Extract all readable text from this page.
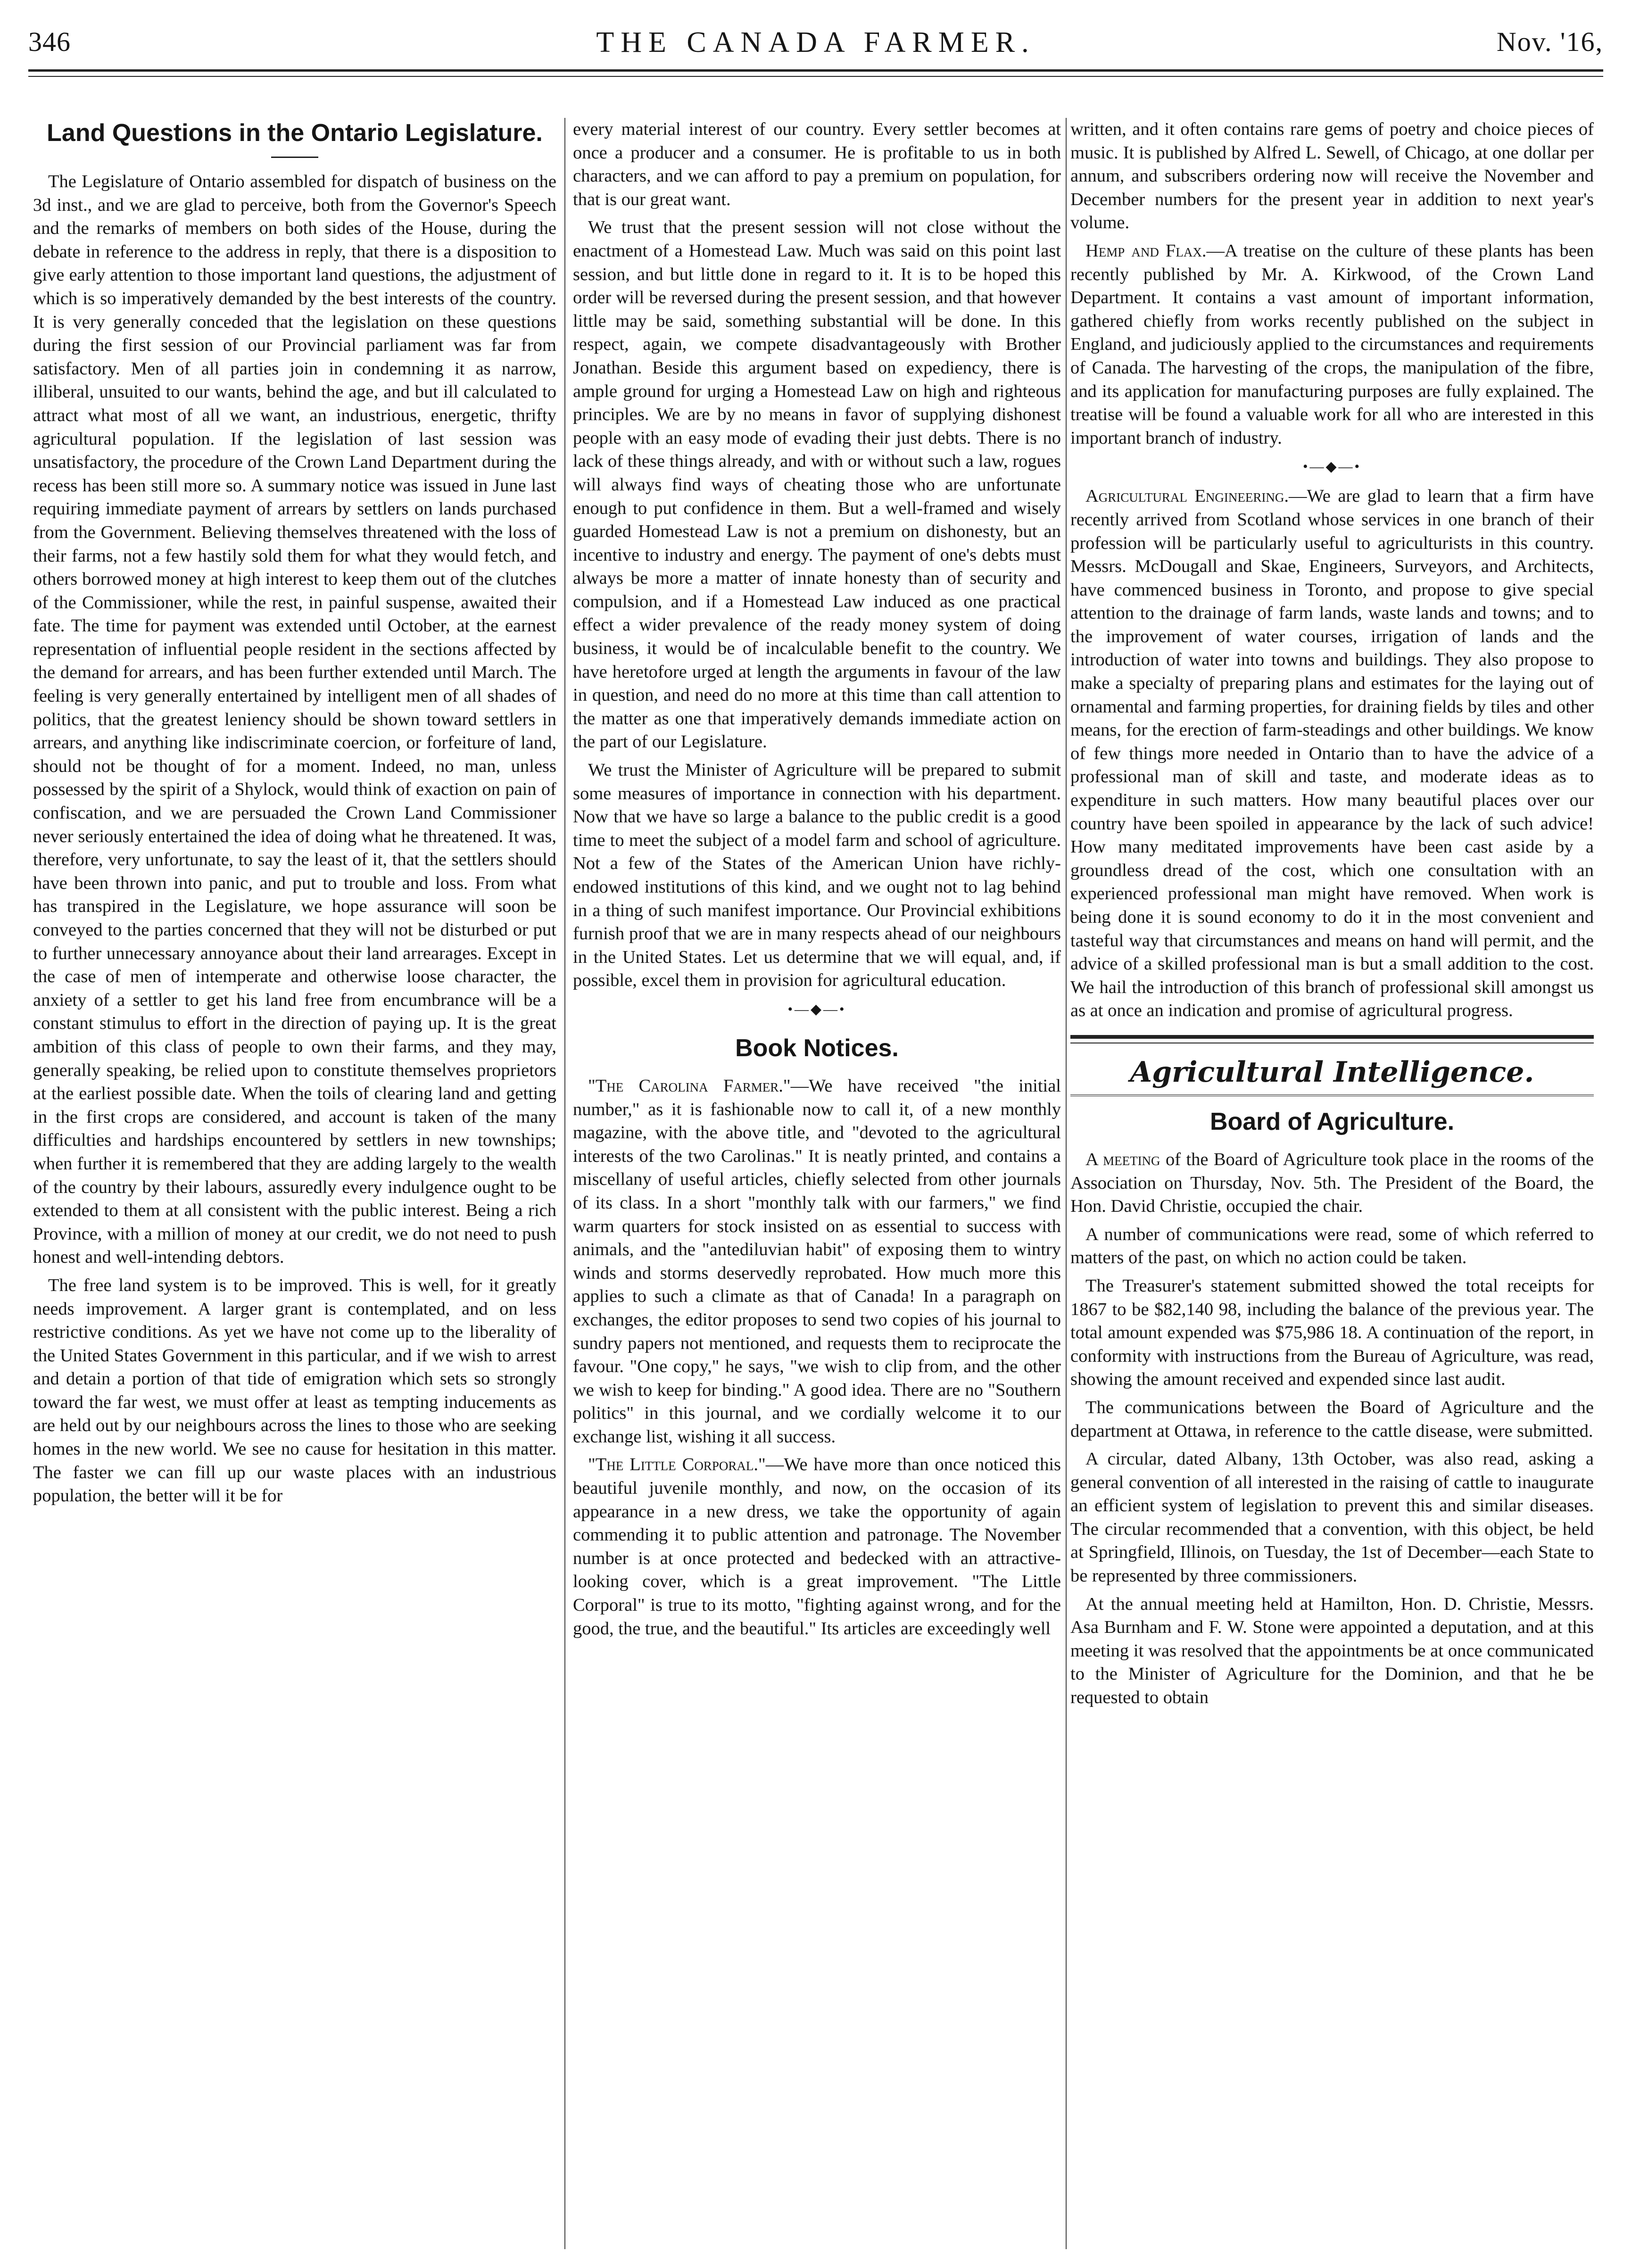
346	THE CANADA FARMER.	Nov. '16,
Land Questions in the Ontario Legislature.

The Legislature of Ontario assembled for dispatch of business on the 3d inst., and we are glad to perceive, both from the Governor's Speech and the remarks of members on both sides of the House, during the debate in reference to the address in reply, that there is a disposition to give early attention to those important land questions, the adjustment of which is so imperatively demanded by the best interests of the country. It is very generally conceded that the legislation on these questions during the first session of our Provincial parliament was far from satisfactory. Men of all parties join in condemning it as narrow, illiberal, unsuited to our wants, behind the age, and but ill calculated to attract what most of all we want, an industrious, energetic, thrifty agricultural population. If the legislation of last session was unsatisfactory, the procedure of the Crown Land Department during the recess has been still more so. A summary notice was issued in June last requiring immediate payment of arrears by settlers on lands purchased from the Government. Believing themselves threatened with the loss of their farms, not a few hastily sold them for what they would fetch, and others borrowed money at high interest to keep them out of the clutches of the Commissioner, while the rest, in painful suspense, awaited their fate. The time for payment was extended until October, at the earnest representation of influential people resident in the sections affected by the demand for arrears, and has been further extended until March. The feeling is very generally entertained by intelligent men of all shades of politics, that the greatest leniency should be shown toward settlers in arrears, and anything like indiscriminate coercion, or forfeiture of land, should not be thought of for a moment. Indeed, no man, unless possessed by the spirit of a Shylock, would think of exaction on pain of confiscation, and we are persuaded the Crown Land Commissioner never seriously entertained the idea of doing what he threatened. It was, therefore, very unfortunate, to say the least of it, that the settlers should have been thrown into panic, and put to trouble and loss. From what has transpired in the Legislature, we hope assurance will soon be conveyed to the parties concerned that they will not be disturbed or put to further unnecessary annoyance about their land arrearages. Except in the case of men of intemperate and otherwise loose character, the anxiety of a settler to get his land free from encumbrance will be a constant stimulus to effort in the direction of paying up. It is the great ambition of this class of people to own their farms, and they may, generally speaking, be relied upon to constitute themselves proprietors at the earliest possible date. When the toils of clearing land and getting in the first crops are considered, and account is taken of the many difficulties and hardships encountered by settlers in new townships; when further it is remembered that they are adding largely to the wealth of the country by their labours, assuredly every indulgence ought to be extended to them at all consistent with the public interest. Being a rich Province, with a million of money at our credit, we do not need to push honest and well-intending debtors.

The free land system is to be improved. This is well, for it greatly needs improvement. A larger grant is contemplated, and on less restrictive conditions. As yet we have not come up to the liberality of the United States Government in this particular, and if we wish to arrest and detain a portion of that tide of emigration which sets so strongly toward the far west, we must offer at least as tempting inducements as are held out by our neighbours across the lines to those who are seeking homes in the new world. We see no cause for hesitation in this matter. The faster we can fill up our waste places with an industrious population, the better will it be for

every material interest of our country. Every settler becomes at once a producer and a consumer. He is profitable to us in both characters, and we can afford to pay a premium on population, for that is our great want.

We trust that the present session will not close without the enactment of a Homestead Law. Much was said on this point last session, and but little done in regard to it. It is to be hoped this order will be reversed during the present session, and that however little may be said, something substantial will be done. In this respect, again, we compete disadvantageously with Brother Jonathan. Beside this argument based on expediency, there is ample ground for urging a Homestead Law on high and righteous principles. We are by no means in favor of supplying dishonest people with an easy mode of evading their just debts. There is no lack of these things already, and with or without such a law, rogues will always find ways of cheating those who are unfortunate enough to put confidence in them. But a well-framed and wisely guarded Homestead Law is not a premium on dishonesty, but an incentive to industry and energy. The payment of one's debts must always be more a matter of innate honesty than of security and compulsion, and if a Homestead Law induced as one practical effect a wider prevalence of the ready money system of doing business, it would be of incalculable benefit to the country. We have heretofore urged at length the arguments in favour of the law in question, and need do no more at this time than call attention to the matter as one that imperatively demands immediate action on the part of our Legislature.

We trust the Minister of Agriculture will be prepared to submit some measures of importance in connection with his department. Now that we have so large a balance to the public credit is a good time to meet the subject of a model farm and school of agriculture. Not a few of the States of the American Union have richly-endowed institutions of this kind, and we ought not to lag behind in a thing of such manifest importance. Our Provincial exhibitions furnish proof that we are in many respects ahead of our neighbours in the United States. Let us determine that we will equal, and, if possible, excel them in provision for agricultural education.

•—◆—•
Book Notices.

"The Carolina Farmer."—We have received "the initial number," as it is fashionable now to call it, of a new monthly magazine, with the above title, and "devoted to the agricultural interests of the two Carolinas." It is neatly printed, and contains a miscellany of useful articles, chiefly selected from other journals of its class. In a short "monthly talk with our farmers," we find warm quarters for stock insisted on as essential to success with animals, and the "antediluvian habit" of exposing them to wintry winds and storms deservedly reprobated. How much more this applies to such a climate as that of Canada! In a paragraph on exchanges, the editor proposes to send two copies of his journal to sundry papers not mentioned, and requests them to reciprocate the favour. "One copy," he says, "we wish to clip from, and the other we wish to keep for binding." A good idea. There are no "Southern politics" in this journal, and we cordially welcome it to our exchange list, wishing it all success.

"The Little Corporal."—We have more than once noticed this beautiful juvenile monthly, and now, on the occasion of its appearance in a new dress, we take the opportunity of again commending it to public attention and patronage. The November number is at once protected and bedecked with an attractive-looking cover, which is a great improvement. "The Little Corporal" is true to its motto, "fighting against wrong, and for the good, the true, and the beautiful." Its articles are exceedingly well

written, and it often contains rare gems of poetry and choice pieces of music. It is published by Alfred L. Sewell, of Chicago, at one dollar per annum, and subscribers ordering now will receive the November and December numbers for the present year in addition to next year's volume.

Hemp and Flax.—A treatise on the culture of these plants has been recently published by Mr. A. Kirkwood, of the Crown Land Department. It contains a vast amount of important information, gathered chiefly from works recently published on the subject in England, and judiciously applied to the circumstances and requirements of Canada. The harvesting of the crops, the manipulation of the fibre, and its application for manufacturing purposes are fully explained. The treatise will be found a valuable work for all who are interested in this important branch of industry.

•—◆—•

Agricultural Engineering.—We are glad to learn that a firm have recently arrived from Scotland whose services in one branch of their profession will be particularly useful to agriculturists in this country. Messrs. McDougall and Skae, Engineers, Surveyors, and Architects, have commenced business in Toronto, and propose to give special attention to the drainage of farm lands, waste lands and towns; and to the improvement of water courses, irrigation of lands and the introduction of water into towns and buildings. They also propose to make a specialty of preparing plans and estimates for the laying out of ornamental and farming properties, for draining fields by tiles and other means, for the erection of farm-steadings and other buildings. We know of few things more needed in Ontario than to have the advice of a professional man of skill and taste, and moderate ideas as to expenditure in such matters. How many beautiful places over our country have been spoiled in appearance by the lack of such advice! How many meditated improvements have been cast aside by a groundless dread of the cost, which one consultation with an experienced professional man might have removed. When work is being done it is sound economy to do it in the most convenient and tasteful way that circumstances and means on hand will permit, and the advice of a skilled professional man is but a small addition to the cost. We hail the introduction of this branch of professional skill amongst us as at once an indication and promise of agricultural progress.

Agricultural Intelligence.
Board of Agriculture.

A meeting of the Board of Agriculture took place in the rooms of the Association on Thursday, Nov. 5th. The President of the Board, the Hon. David Christie, occupied the chair.

A number of communications were read, some of which referred to matters of the past, on which no action could be taken.

The Treasurer's statement submitted showed the total receipts for 1867 to be $82,140 98, including the balance of the previous year. The total amount expended was $75,986 18. A continuation of the report, in conformity with instructions from the Bureau of Agriculture, was read, showing the amount received and expended since last audit.

The communications between the Board of Agriculture and the department at Ottawa, in reference to the cattle disease, were submitted.

A circular, dated Albany, 13th October, was also read, asking a general convention of all interested in the raising of cattle to inaugurate an efficient system of legislation to prevent this and similar diseases. The circular recommended that a convention, with this object, be held at Springfield, Illinois, on Tuesday, the 1st of December—each State to be represented by three commissioners.

At the annual meeting held at Hamilton, Hon. D. Christie, Messrs. Asa Burnham and F. W. Stone were appointed a deputation, and at this meeting it was resolved that the appointments be at once communicated to the Minister of Agriculture for the Dominion, and that he be requested to obtain
